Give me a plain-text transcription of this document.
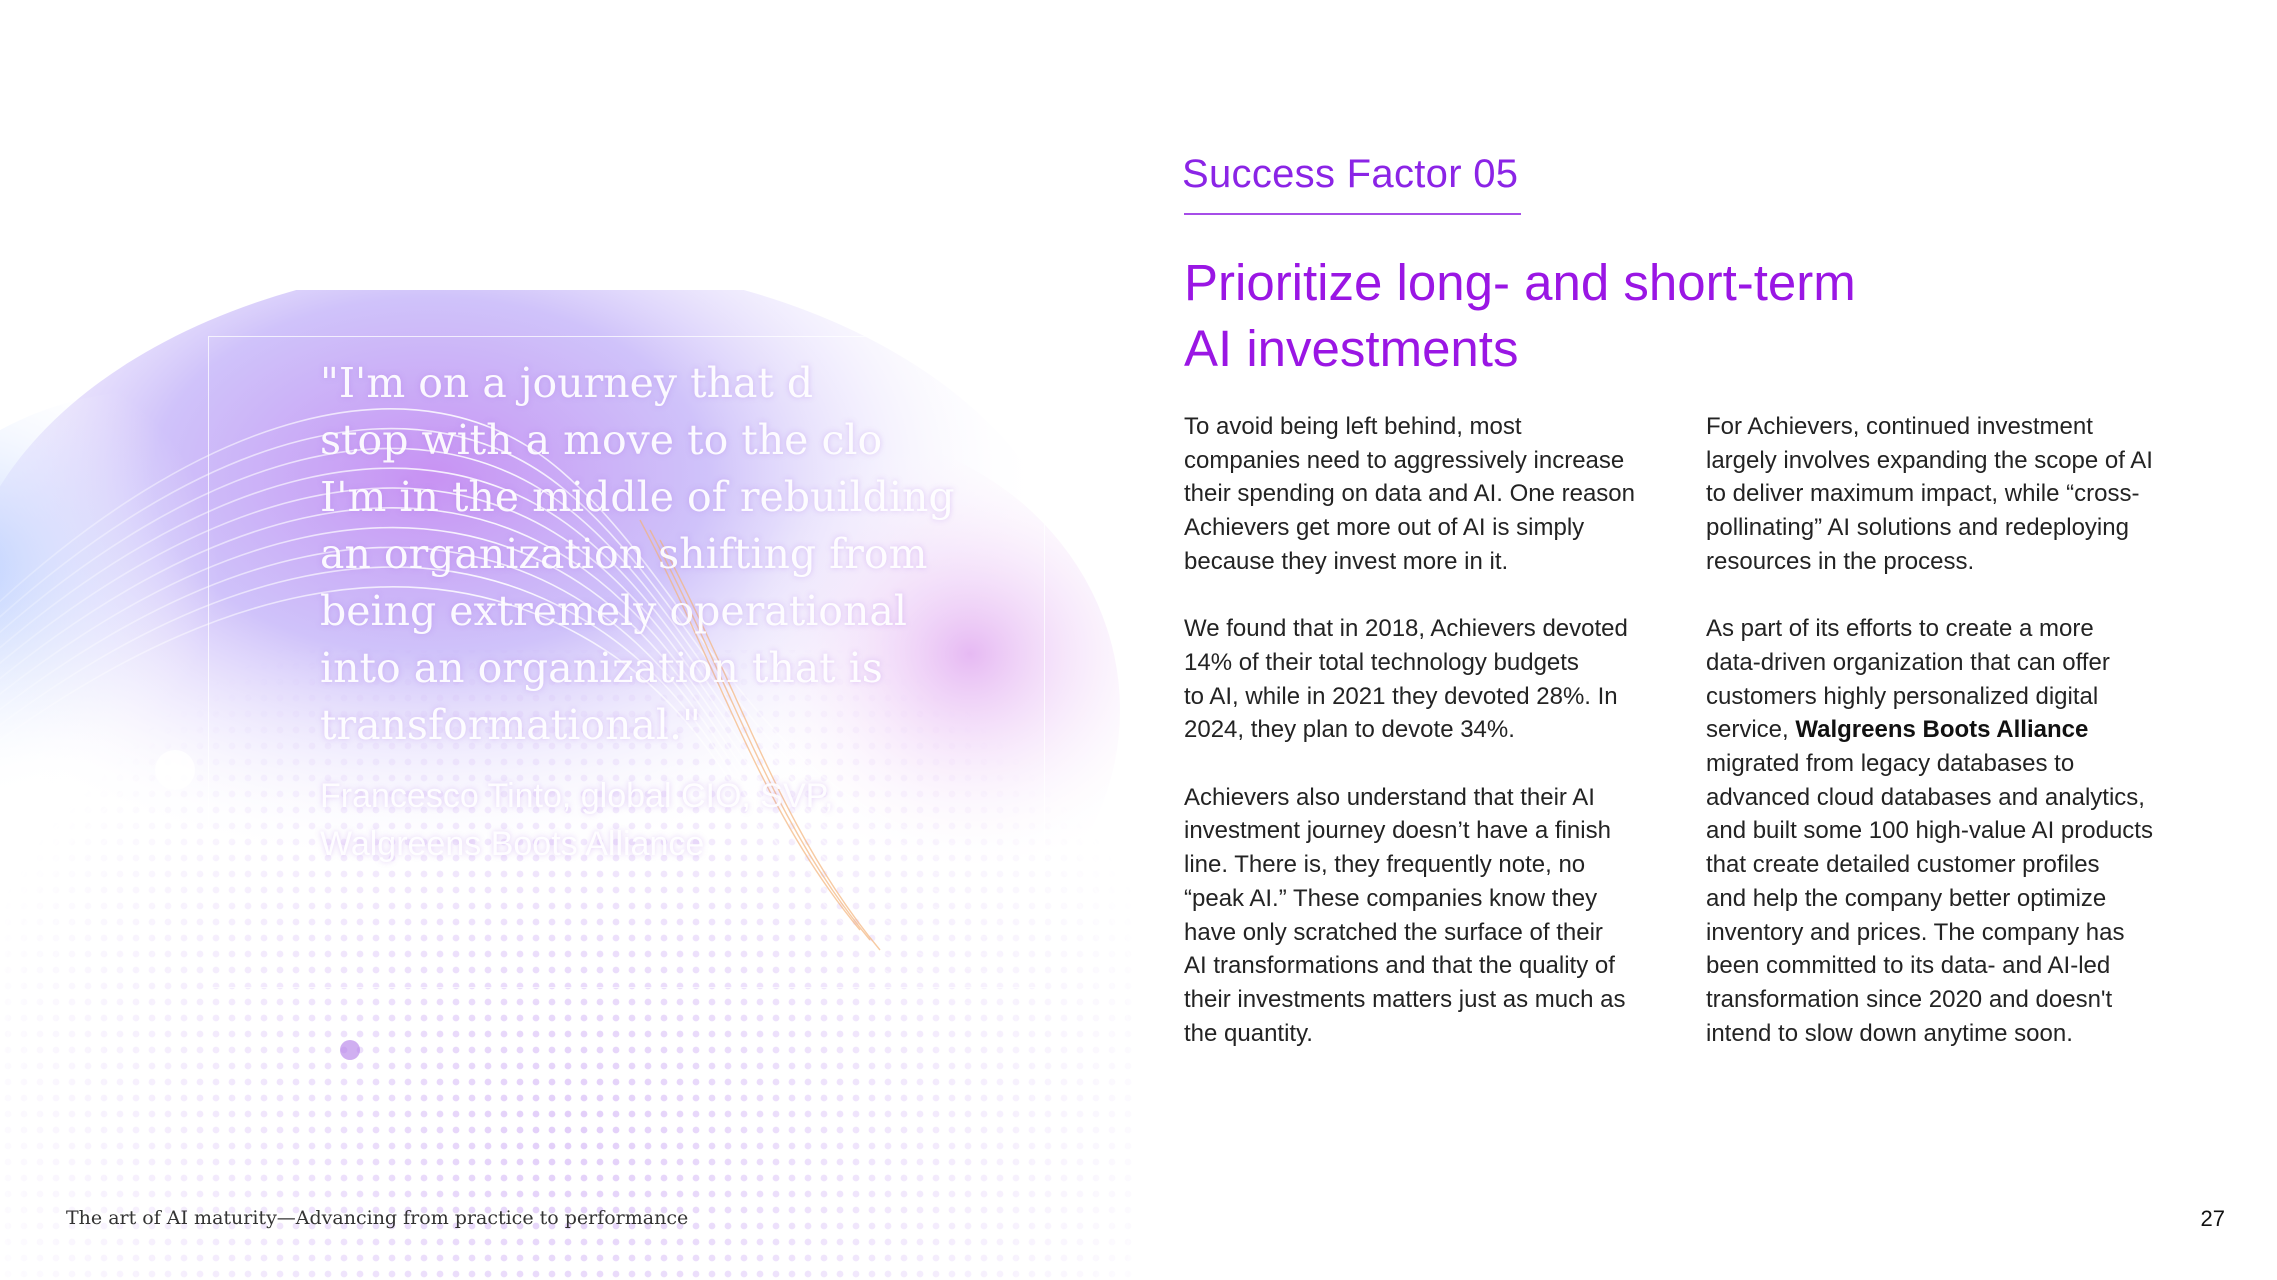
"I'm on a journey that d
stop with a move to the clo
I'm in the middle of rebuilding
an organization shifting from
being extremely operational
into an organization that is
transformational."
Francesco Tinto, global CIO, SVP,
Walgreens Boots Alliance
Success Factor 05
Prioritize long- and short-term
AI investments

To avoid being left behind, most
companies need to aggressively increase
their spending on data and AI. One reason
Achievers get more out of AI is simply
because they invest more in it.

We found that in 2018, Achievers devoted
14% of their total technology budgets
to AI, while in 2021 they devoted 28%. In
2024, they plan to devote 34%.

Achievers also understand that their AI
investment journey doesn’t have a finish
line. There is, they frequently note, no
“peak AI.” These companies know they
have only scratched the surface of their
AI transformations and that the quality of
their investments matters just as much as
the quantity.

For Achievers, continued investment
largely involves expanding the scope of AI
to deliver maximum impact, while “cross-
pollinating” AI solutions and redeploying
resources in the process.

As part of its efforts to create a more
data-driven organization that can offer
customers highly personalized digital
service, Walgreens Boots Alliance
migrated from legacy databases to
advanced cloud databases and analytics,
and built some 100 high-value AI products
that create detailed customer profiles
and help the company better optimize
inventory and prices. The company has
been committed to its data- and AI-led
transformation since 2020 and doesn't
intend to slow down anytime soon.

The art of AI maturity—Advancing from practice to performance	27
